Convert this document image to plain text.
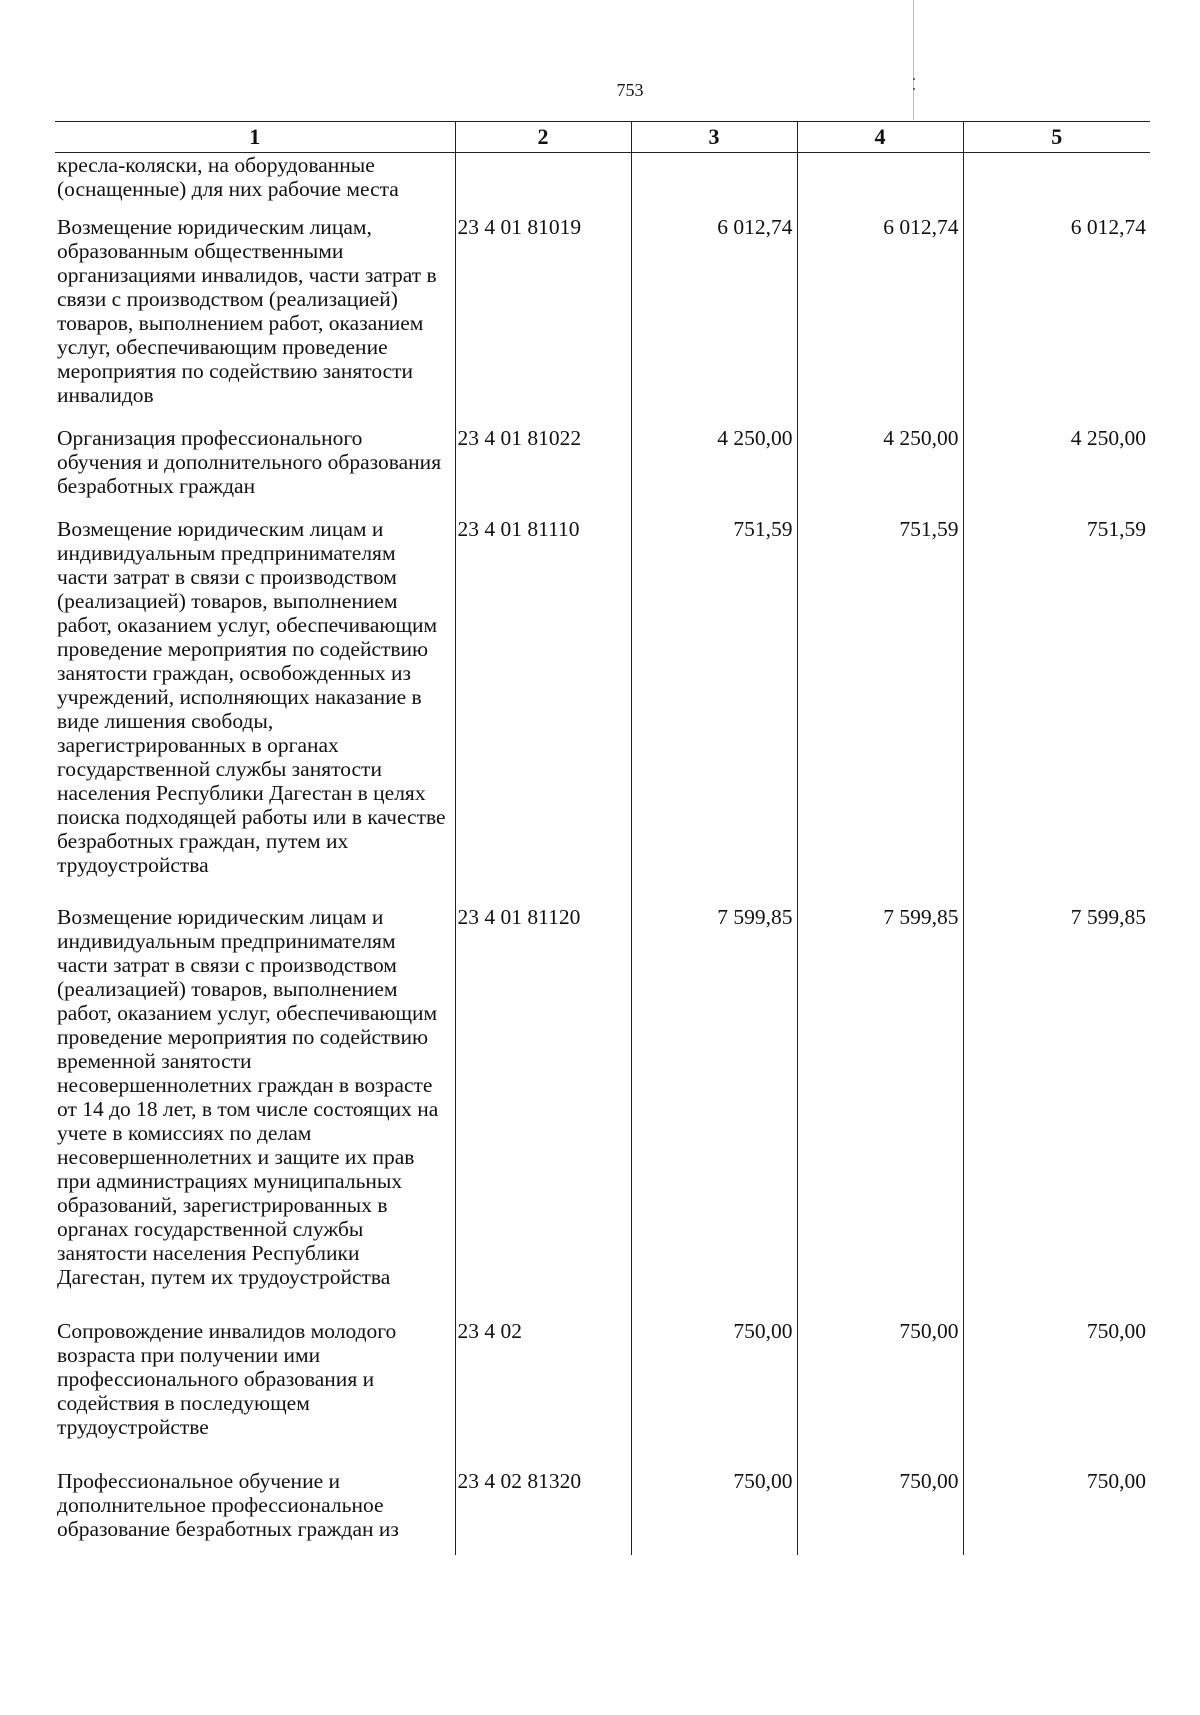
753
1	2	3	4	5
кресла-коляски, на оборудованные (оснащенные) для них рабочие места				
Возмещение юридическим лицам, образованным общественными организациями инвалидов, части затрат в связи с производством (реализацией) товаров, выполнением работ, оказанием услуг, обеспечивающим проведение мероприятия по содействию занятости инвалидов	23 4 01 81019	6 012,74	6 012,74	6 012,74
Организация профессионального обучения и дополнительного образования безработных граждан	23 4 01 81022	4 250,00	4 250,00	4 250,00
Возмещение юридическим лицам и индивидуальным предпринимателям части затрат в связи с производством (реализацией) товаров, выполнением работ, оказанием услуг, обеспечивающим проведение мероприятия по содействию занятости граждан, освобожденных из учреждений, исполняющих наказание в виде лишения свободы, зарегистрированных в органах государственной службы занятости населения Республики Дагестан в целях поиска подходящей работы или в качестве безработных граждан, путем их трудоустройства	23 4 01 81110	751,59	751,59	751,59
Возмещение юридическим лицам и индивидуальным предпринимателям части затрат в связи с производством (реализацией) товаров, выполнением работ, оказанием услуг, обеспечивающим проведение мероприятия по содействию временной занятости несовершеннолетних граждан в возрасте от 14 до 18 лет, в том числе состоящих на учете в комиссиях по делам несовершеннолетних и защите их прав при администрациях муниципальных образований, зарегистрированных в органах государственной службы занятости населения Республики Дагестан, путем их трудоустройства	23 4 01 81120	7 599,85	7 599,85	7 599,85
Сопровождение инвалидов молодого возраста при получении ими профессионального образования и содействия в последующем трудоустройстве	23 4 02	750,00	750,00	750,00
Профессиональное обучение и дополнительное профессиональное образование безработных граждан из	23 4 02 81320	750,00	750,00	750,00
